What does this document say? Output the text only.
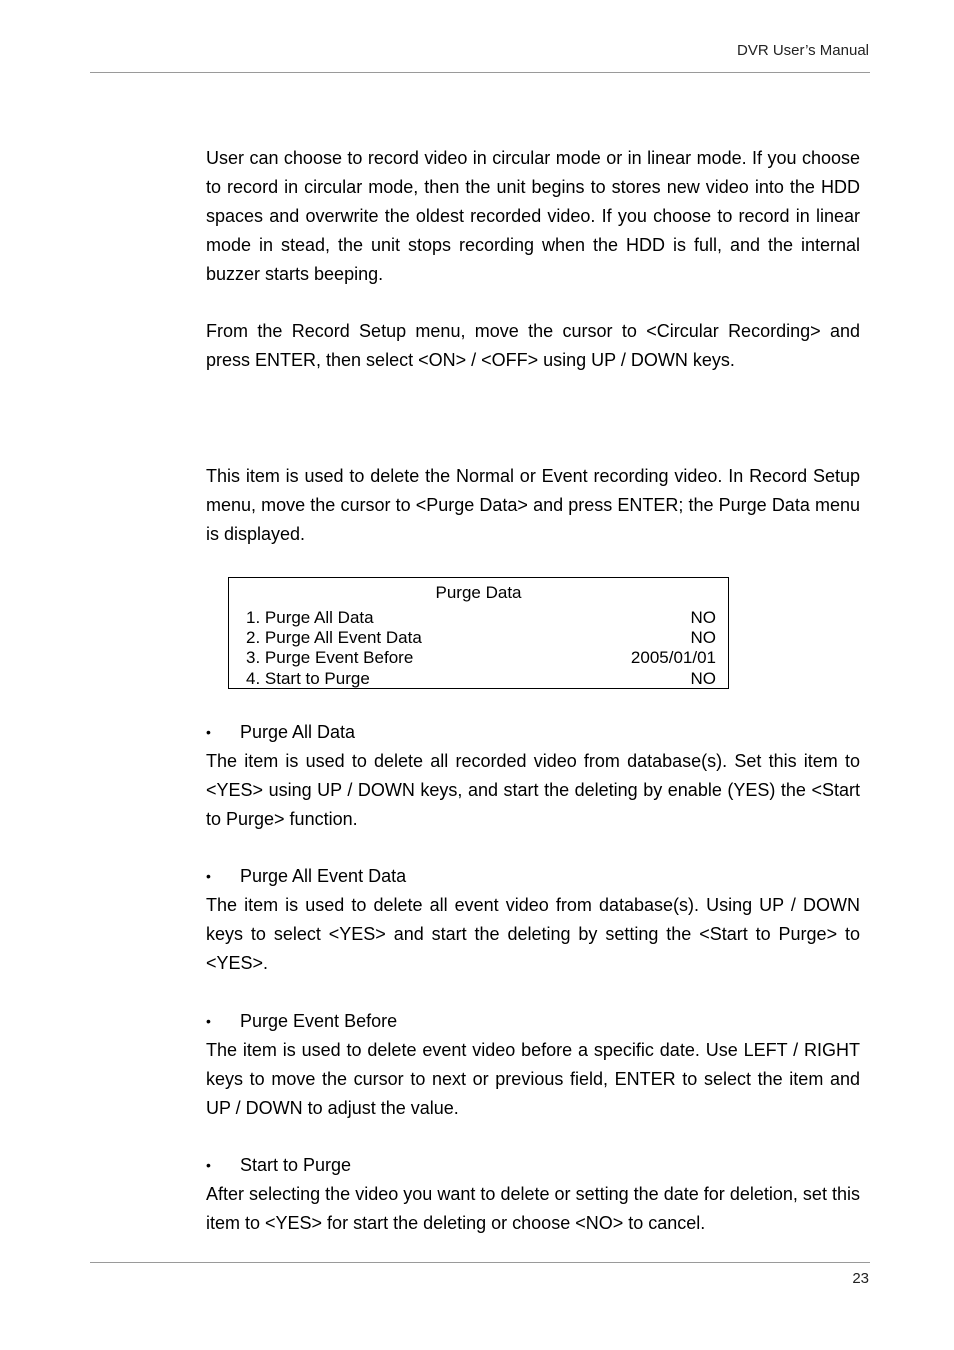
DVR User’s Manual

User can choose to record video in circular mode or in linear mode. If you choose to record in circular mode, then the unit begins to stores new video into the HDD spaces and overwrite the oldest recorded video. If you choose to record in linear mode in stead, the unit stops recording when the HDD is full, and the internal buzzer starts beeping.

From the Record Setup menu, move the cursor to <Circular Recording> and press ENTER, then select <ON> / <OFF> using UP / DOWN keys.

This item is used to delete the Normal or Event recording video. In Record Setup menu, move the cursor to <Purge Data> and press ENTER; the Purge Data menu is displayed.

Purge Data
1. Purge All Data	NO
2. Purge All Event Data	NO
3. Purge Event Before	2005/01/01
4. Start to Purge	NO
• Purge All Data

The item is used to delete all recorded video from database(s). Set this item to <YES> using UP / DOWN keys, and start the deleting by enable (YES) the <Start to Purge> function.

• Purge All Event Data

The item is used to delete all event video from database(s). Using UP / DOWN keys to select <YES> and start the deleting by setting the <Start to Purge> to <YES>.

• Purge Event Before

The item is used to delete event video before a specific date. Use LEFT / RIGHT keys to move the cursor to next or previous field, ENTER to select the item and UP / DOWN to adjust the value.

• Start to Purge

After selecting the video you want to delete or setting the date for deletion, set this item to <YES> for start the deleting or choose <NO> to cancel.

23
